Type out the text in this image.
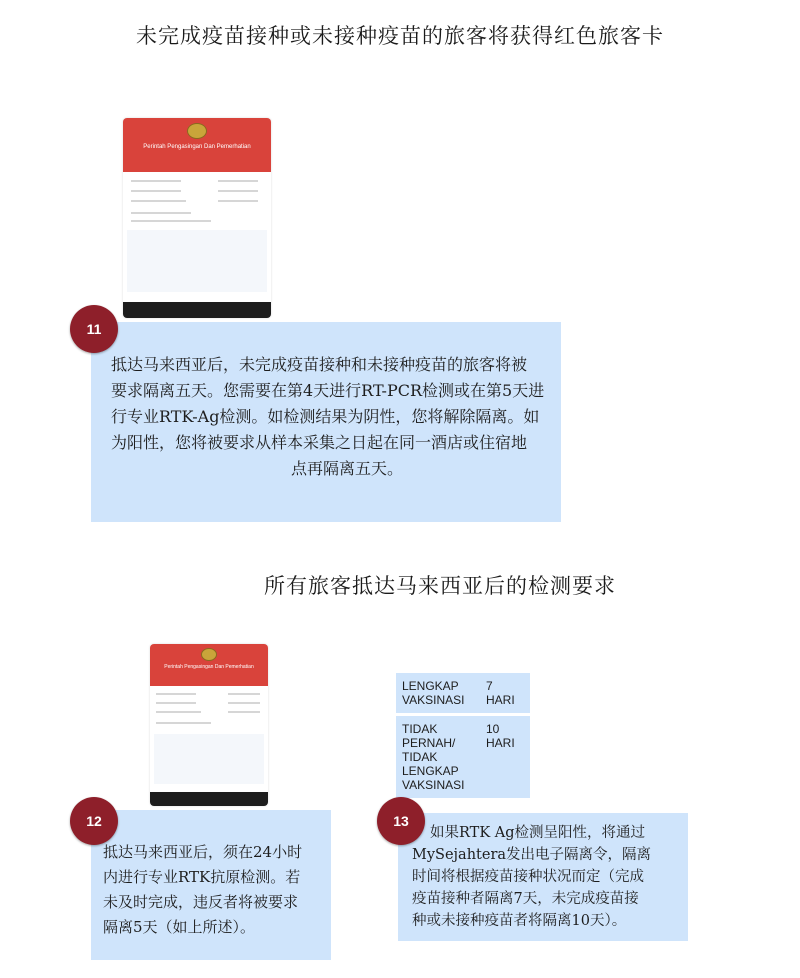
未完成疫苗接种或未接种疫苗的旅客将获得红色旅客卡
Perintah Pengasingan Dan Pemerhatian
11
抵达马来西亚后，未完成疫苗接种和未接种疫苗的旅客将被
要求隔离五天。您需要在第4天进行RT-PCR检测或在第5天进
行专业RTK-Ag检测。如检测结果为阴性，您将解除隔离。如
为阳性，您将被要求从样本采集之日起在同一酒店或住宿地
点再隔离五天。
所有旅客抵达马来西亚后的检测要求
Perintah Pengasingan Dan Pemerhatian
LENGKAP
VAKSINASI	7 HARI

TIDAK
PERNAH/
TIDAK
LENGKAP
VAKSINASI	10 HARI
12
抵达马来西亚后，须在24小时
内进行专业RTK抗原检测。若
未及时完成，违反者将被要求
隔离5天（如上所述）。
13
如果RTK Ag检测呈阳性，将通过
MySejahtera发出电子隔离令，隔离
时间将根据疫苗接种状况而定（完成
疫苗接种者隔离7天，未完成疫苗接
种或未接种疫苗者将隔离10天）。
